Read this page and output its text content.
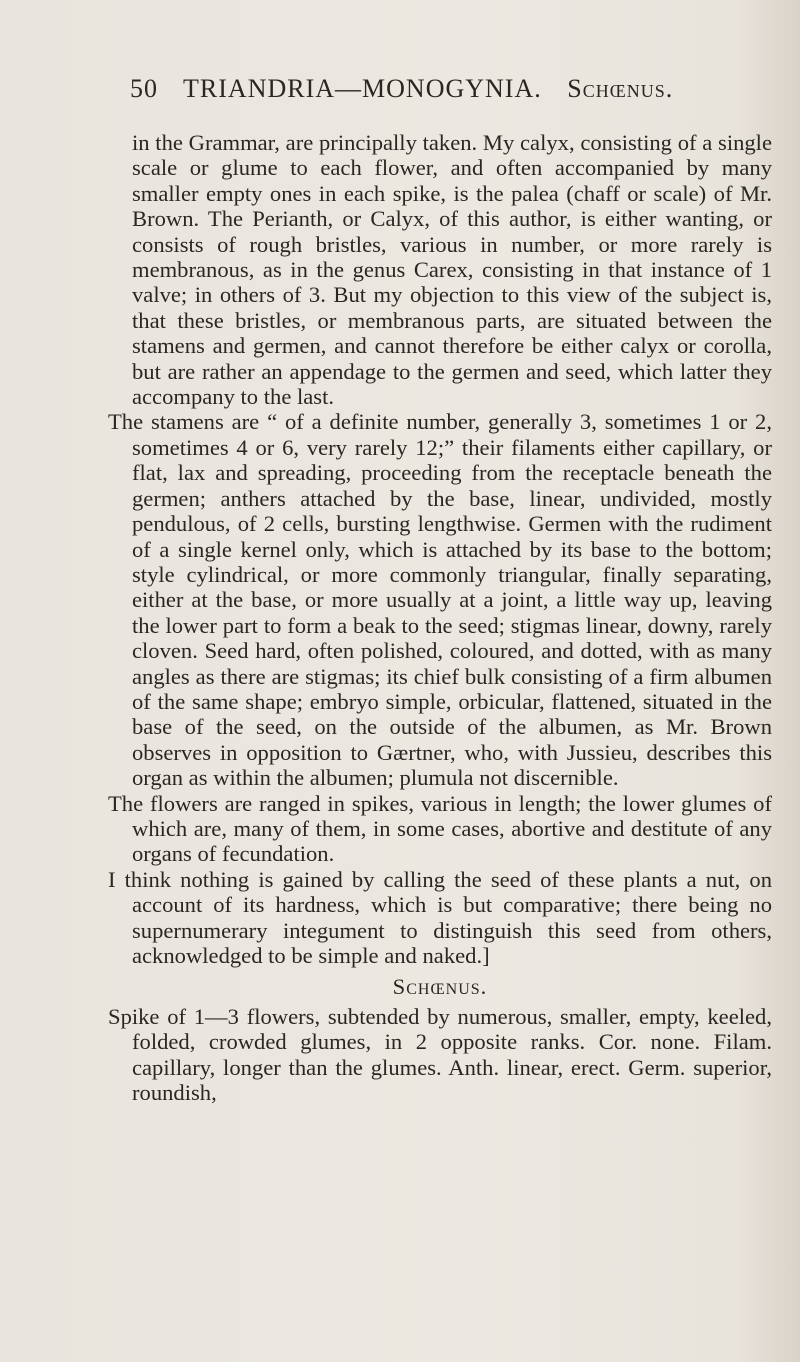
50 TRIANDRIA—MONOGYNIA. Schœnus.

in the Grammar, are principally taken. My calyx, consisting of a single scale or glume to each flower, and often accompanied by many smaller empty ones in each spike, is the palea (chaff or scale) of Mr. Brown. The Perianth, or Calyx, of this author, is either wanting, or consists of rough bristles, various in number, or more rarely is membranous, as in the genus Carex, consisting in that instance of 1 valve; in others of 3. But my objection to this view of the subject is, that these bristles, or membranous parts, are situated between the stamens and germen, and cannot therefore be either calyx or corolla, but are rather an appendage to the germen and seed, which latter they accompany to the last.

The stamens are “ of a definite number, generally 3, sometimes 1 or 2, sometimes 4 or 6, very rarely 12;” their filaments either capillary, or flat, lax and spreading, proceeding from the receptacle beneath the germen; anthers attached by the base, linear, undivided, mostly pendulous, of 2 cells, bursting lengthwise. Germen with the rudiment of a single kernel only, which is attached by its base to the bottom; style cylindrical, or more commonly triangular, finally separating, either at the base, or more usually at a joint, a little way up, leaving the lower part to form a beak to the seed; stigmas linear, downy, rarely cloven. Seed hard, often polished, coloured, and dotted, with as many angles as there are stigmas; its chief bulk consisting of a firm albumen of the same shape; embryo simple, orbicular, flattened, situated in the base of the seed, on the outside of the albumen, as Mr. Brown observes in opposition to Gærtner, who, with Jussieu, describes this organ as within the albumen; plumula not discernible.

The flowers are ranged in spikes, various in length; the lower glumes of which are, many of them, in some cases, abortive and destitute of any organs of fecundation.

I think nothing is gained by calling the seed of these plants a nut, on account of its hardness, which is but comparative; there being no supernumerary integument to distinguish this seed from others, acknowledged to be simple and naked.]

Schœnus.

Spike of 1—3 flowers, subtended by numerous, smaller, empty, keeled, folded, crowded glumes, in 2 opposite ranks. Cor. none. Filam. capillary, longer than the glumes. Anth. linear, erect. Germ. superior, roundish,
